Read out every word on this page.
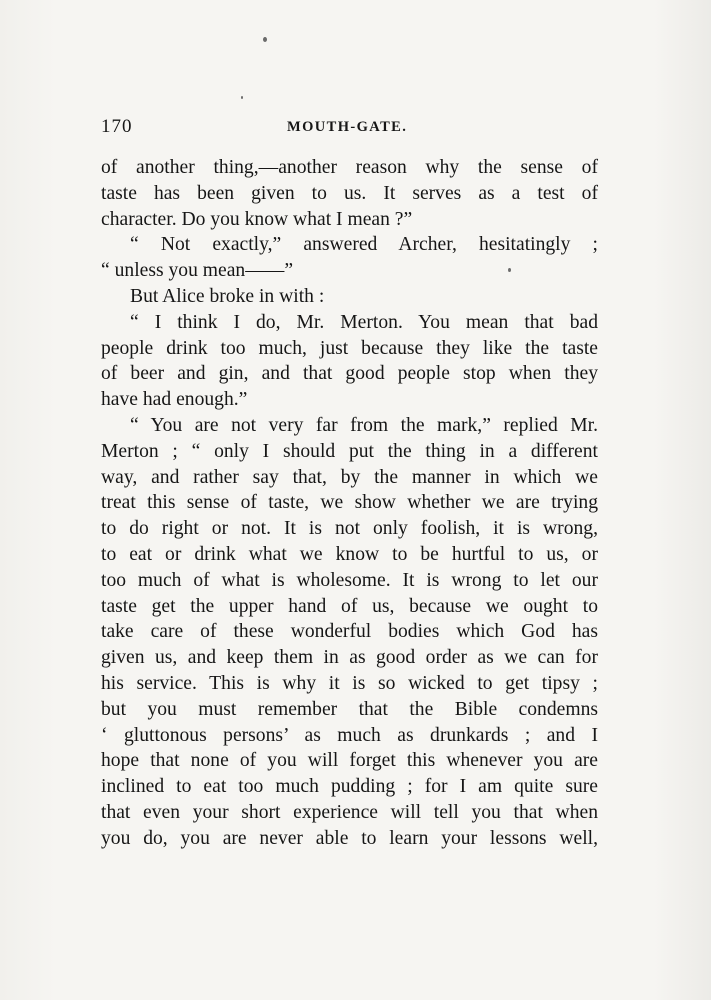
170	MOUTH-GATE.
of another thing,—another reason why the sense of
taste has been given to us. It serves as a test of
character. Do you know what I mean ?”
“ Not exactly,” answered Archer, hesitatingly ;
“ unless you mean——”
But Alice broke in with :
“ I think I do, Mr. Merton. You mean that bad
people drink too much, just because they like the taste
of beer and gin, and that good people stop when they
have had enough.”
“ You are not very far from the mark,” replied Mr.
Merton ; “ only I should put the thing in a different
way, and rather say that, by the manner in which we
treat this sense of taste, we show whether we are trying
to do right or not. It is not only foolish, it is wrong,
to eat or drink what we know to be hurtful to us, or
too much of what is wholesome. It is wrong to let our
taste get the upper hand of us, because we ought to
take care of these wonderful bodies which God has
given us, and keep them in as good order as we can for
his service. This is why it is so wicked to get tipsy ;
but you must remember that the Bible condemns
‘ gluttonous persons’ as much as drunkards ; and I
hope that none of you will forget this whenever you are
inclined to eat too much pudding ; for I am quite sure
that even your short experience will tell you that when
you do, you are never able to learn your lessons well,
